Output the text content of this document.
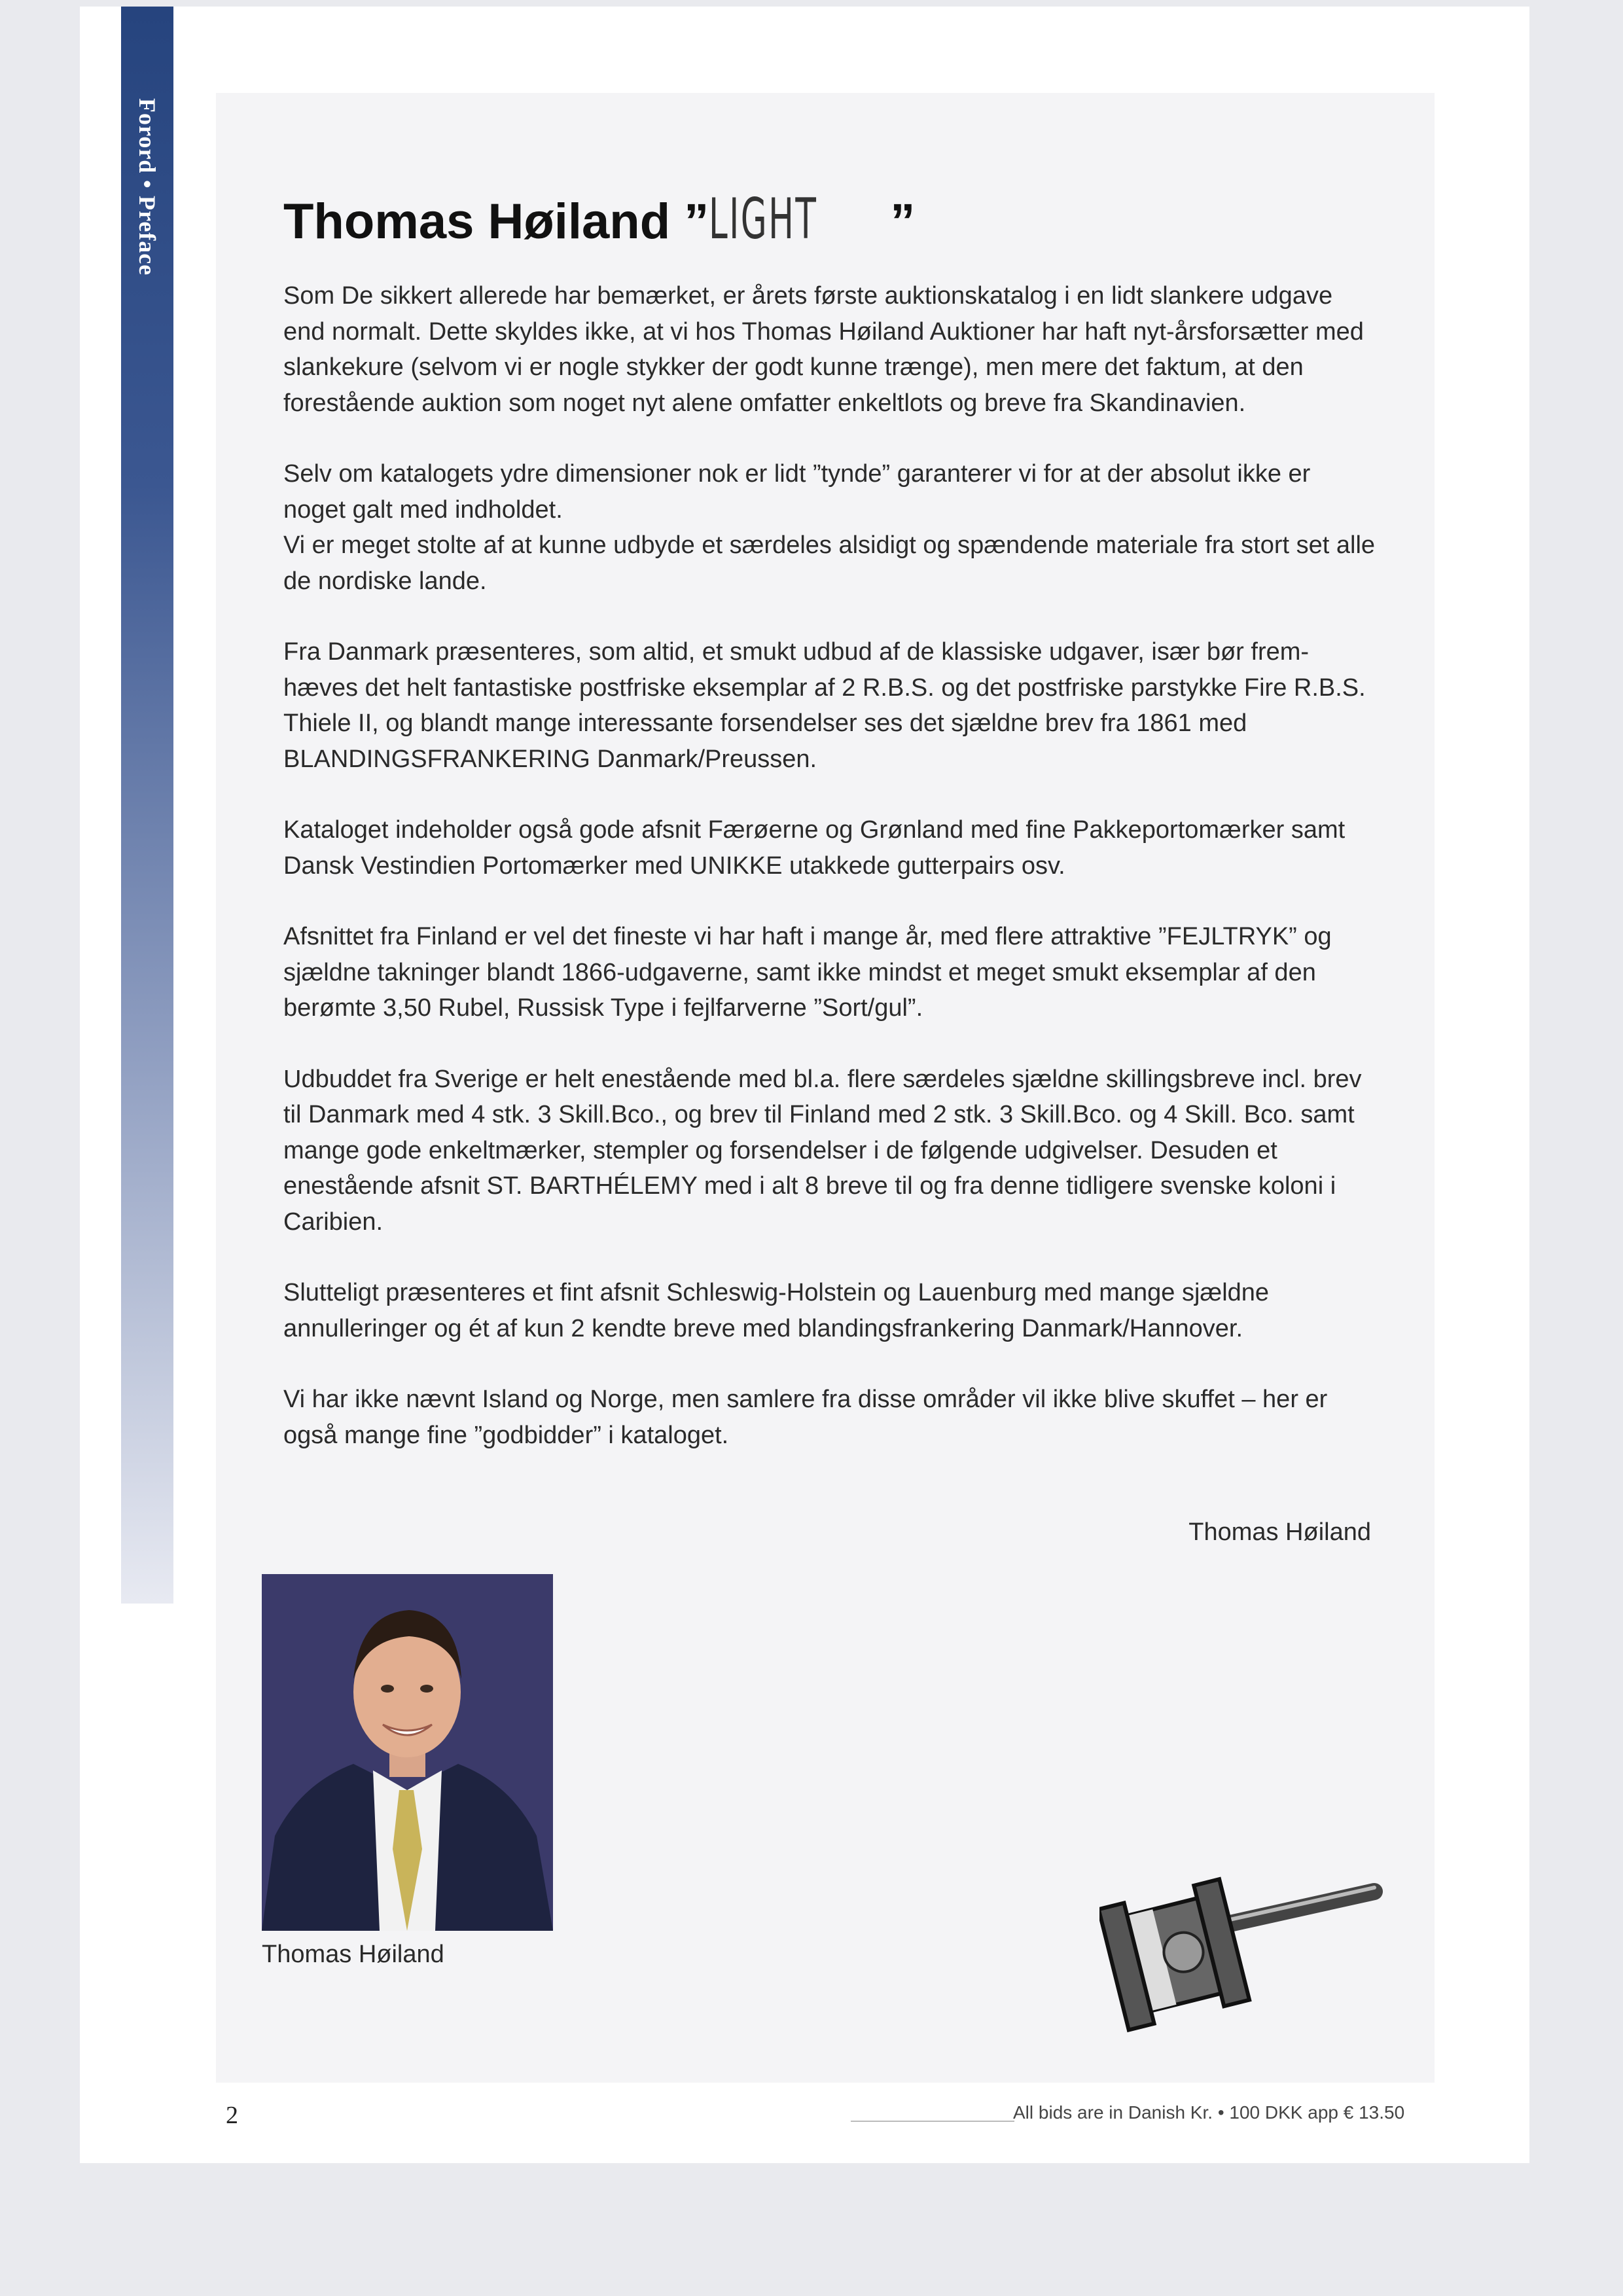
Forord
•
Preface Thomas Høiland ”LIGHT ”

Som De sikkert allerede har bemærket, er årets første auktionskatalog i en lidt slankere udgave end normalt. Dette skyldes ikke, at vi hos Thomas Høiland Auktioner har haft nyt-årsforsætter med slankekure (selvom vi er nogle stykker der godt kunne trænge), men mere det faktum, at den forestående auktion som noget nyt alene omfatter enkeltlots og breve fra Skandinavien.

Selv om katalogets ydre dimensioner nok er lidt ”tynde” garanterer vi for at der absolut ikke er noget galt med indholdet.
Vi er meget stolte af at kunne udbyde et særdeles alsidigt og spændende materiale fra stort set alle de nordiske lande.

Fra Danmark præsenteres, som altid, et smukt udbud af de klassiske udgaver, især bør frem-hæves det helt fantastiske postfriske eksemplar af 2 R.B.S. og det postfriske parstykke Fire R.B.S. Thiele II, og blandt mange interessante forsendelser ses det sjældne brev fra 1861 med BLANDINGSFRANKERING Danmark/Preussen.

Kataloget indeholder også gode afsnit Færøerne og Grønland med fine Pakkeportomærker samt Dansk Vestindien Portomærker med UNIKKE utakkede gutterpairs osv.

Afsnittet fra Finland er vel det fineste vi har haft i mange år, med flere attraktive ”FEJLTRYK” og sjældne takninger blandt 1866-udgaverne, samt ikke mindst et meget smukt eksemplar af den berømte 3,50 Rubel, Russisk Type i fejlfarverne ”Sort/gul”.

Udbuddet fra Sverige er helt enestående med bl.a. flere særdeles sjældne skillingsbreve incl. brev til Danmark med 4 stk. 3 Skill.Bco., og brev til Finland med 2 stk. 3 Skill.Bco. og 4 Skill. Bco. samt mange gode enkeltmærker, stempler og forsendelser i de følgende udgivelser. Desuden et enestående afsnit ST. BARTHÉLEMY med i alt 8 breve til og fra denne tidligere svenske koloni i Caribien.

Slutteligt præsenteres et fint afsnit Schleswig-Holstein og Lauenburg med mange sjældne annulleringer og ét af kun 2 kendte breve med blandingsfrankering Danmark/Hannover.

Vi har ikke nævnt Island og Norge, men samlere fra disse områder vil ikke blive skuffet – her er også mange fine ”godbidder” i kataloget.

Thomas Høiland
Thomas Høiland
2	All bids are in Danish Kr. • 100 DKK app € 13.50
